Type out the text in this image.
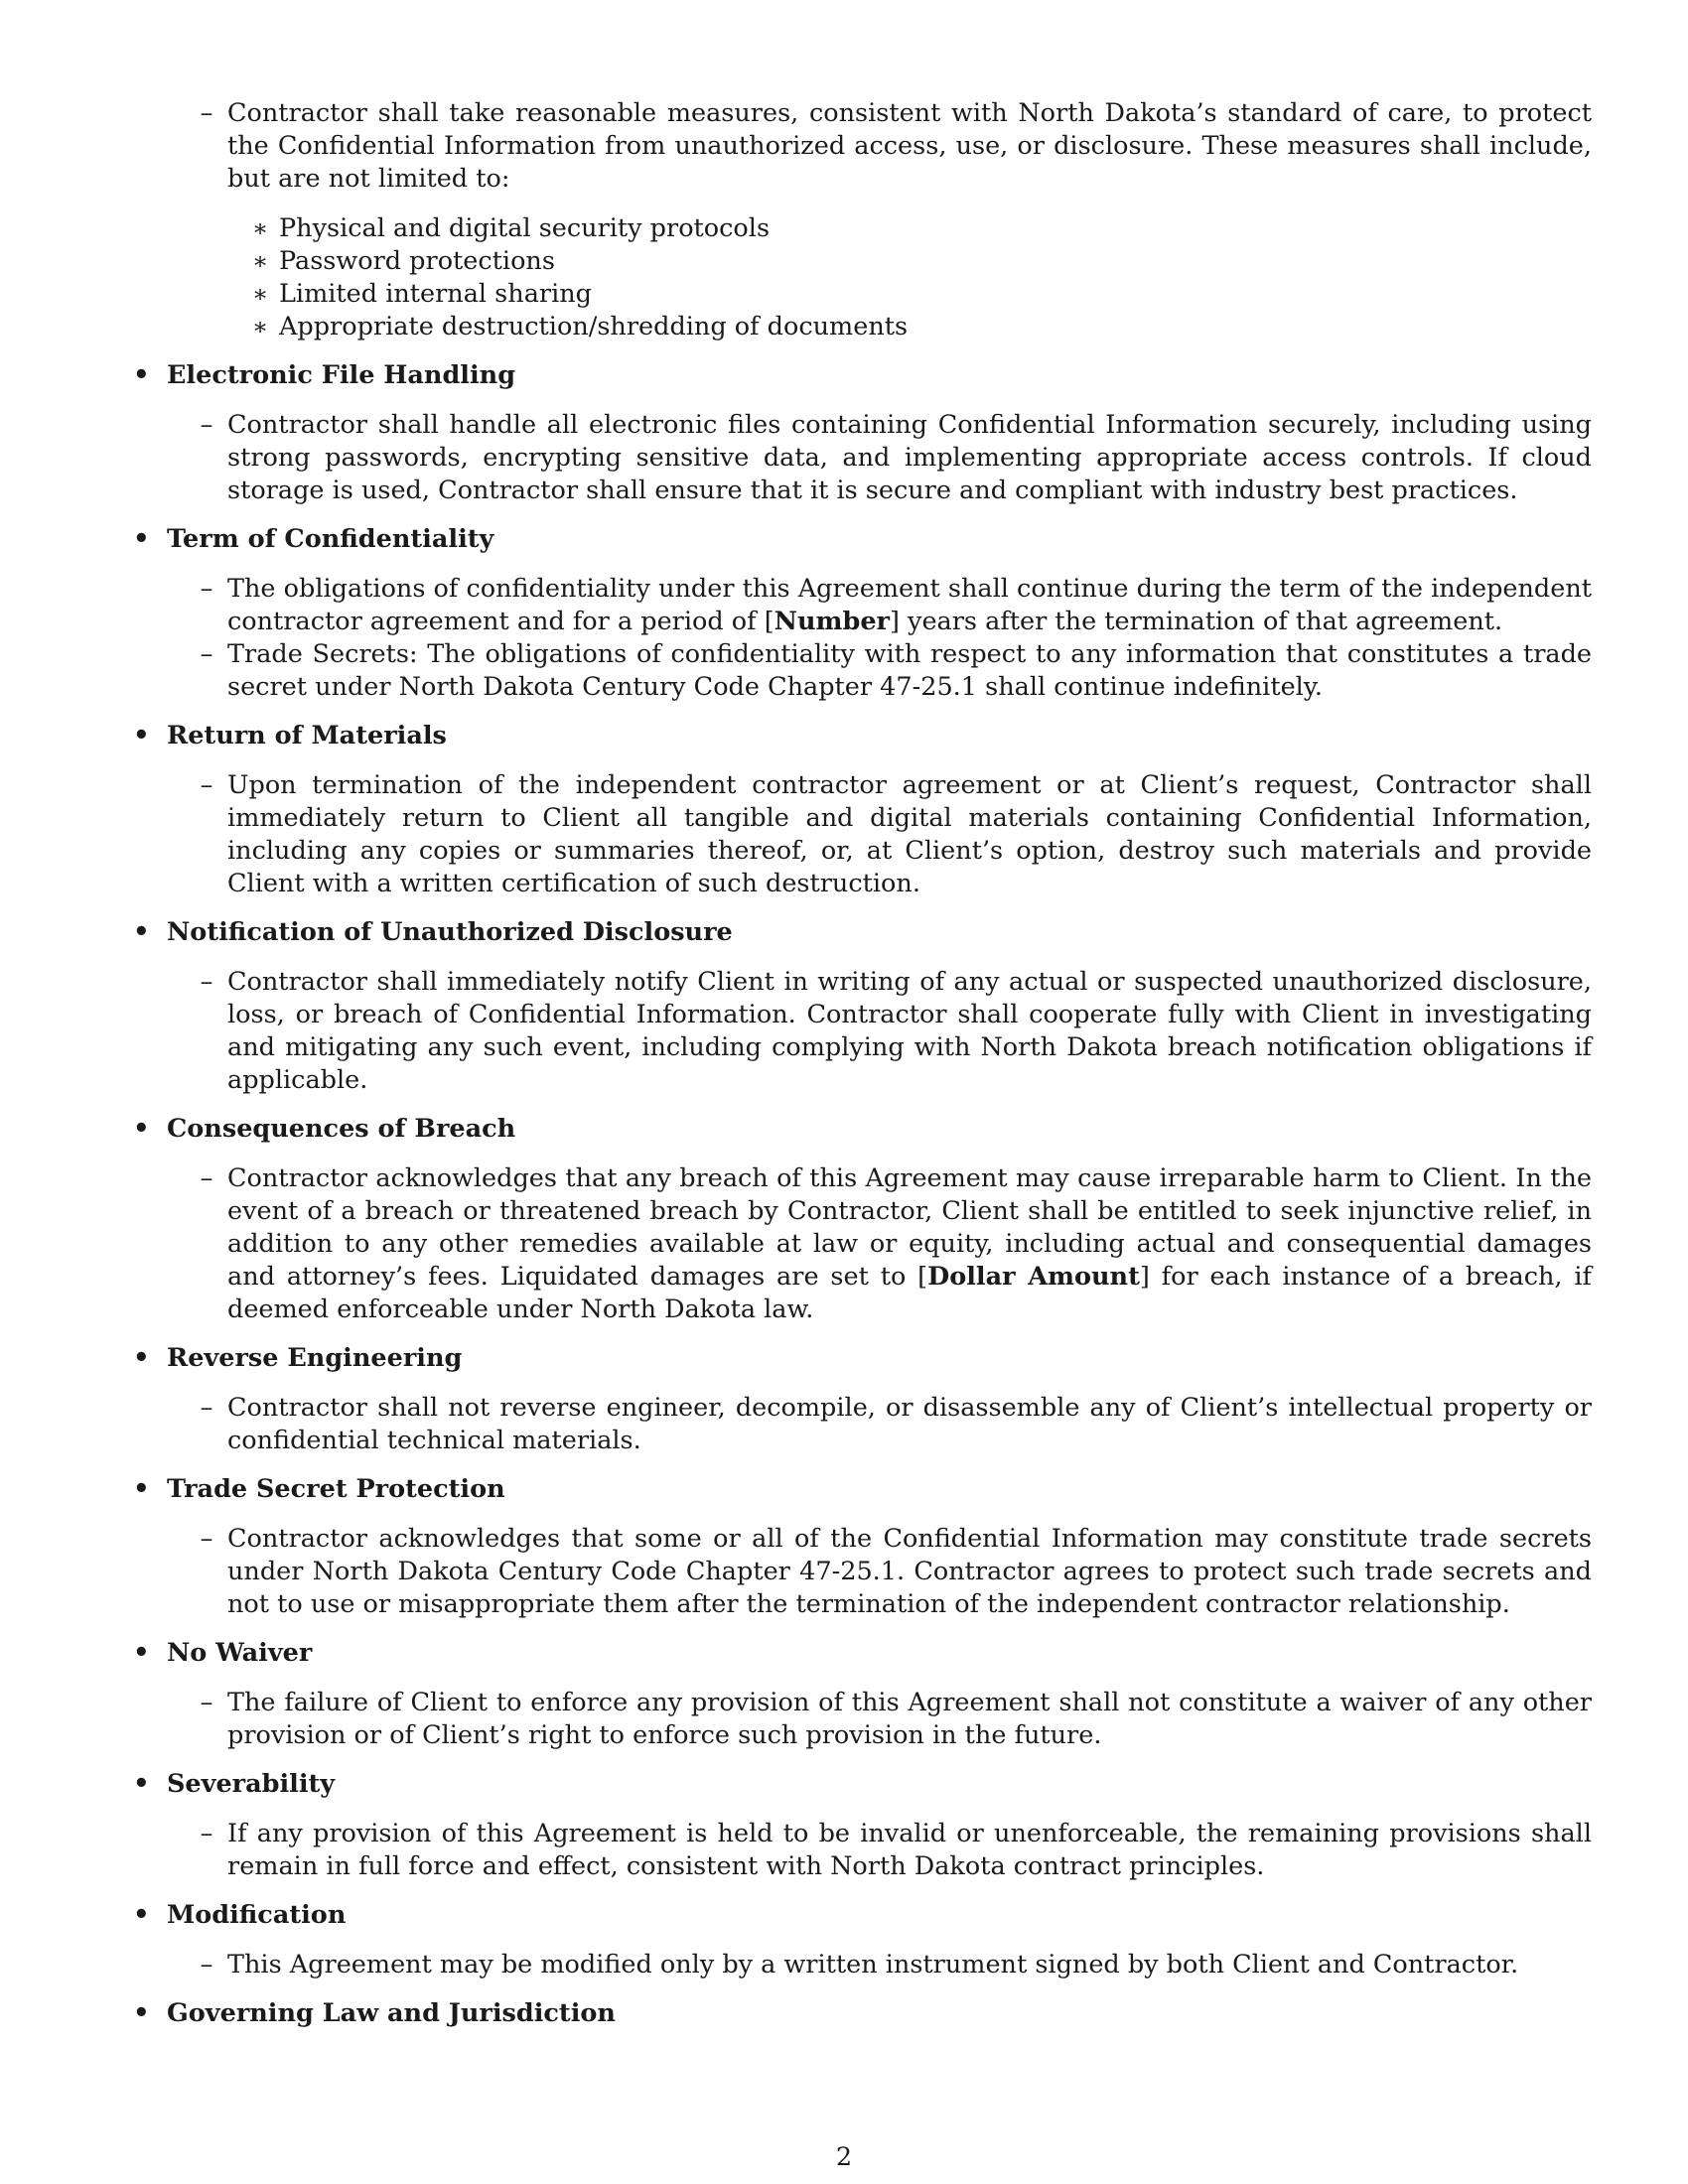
– Contractor shall take reasonable measures, consistent with North Dakota’s standard of care, to protect the Confidential Information from unauthorized access, use, or disclosure. These measures shall include, but are not limited to:
∗ Physical and digital security protocols
∗ Password protections
∗ Limited internal sharing
∗ Appropriate destruction/shredding of documents
• Electronic File Handling
– Contractor shall handle all electronic files containing Confidential Information securely, including using strong passwords, encrypting sensitive data, and implementing appropriate access controls. If cloud storage is used, Contractor shall ensure that it is secure and compliant with industry best practices.
• Term of Confidentiality
– The obligations of confidentiality under this Agreement shall continue during the term of the independent contractor agreement and for a period of [Number] years after the termination of that agreement.
– Trade Secrets: The obligations of confidentiality with respect to any information that constitutes a trade secret under North Dakota Century Code Chapter 47-25.1 shall continue indefinitely.
• Return of Materials
– Upon termination of the independent contractor agreement or at Client’s request, Contractor shall immediately return to Client all tangible and digital materials containing Confidential Information, including any copies or summaries thereof, or, at Client’s option, destroy such materials and provide Client with a written certification of such destruction.
• Notification of Unauthorized Disclosure
– Contractor shall immediately notify Client in writing of any actual or suspected unauthorized disclosure, loss, or breach of Confidential Information. Contractor shall cooperate fully with Client in investigating and mitigating any such event, including complying with North Dakota breach notification obligations if applicable.
• Consequences of Breach
– Contractor acknowledges that any breach of this Agreement may cause irreparable harm to Client. In the event of a breach or threatened breach by Contractor, Client shall be entitled to seek injunctive relief, in addition to any other remedies available at law or equity, including actual and consequential damages and attorney’s fees. Liquidated damages are set to [Dollar Amount] for each instance of a breach, if deemed enforceable under North Dakota law.
• Reverse Engineering
– Contractor shall not reverse engineer, decompile, or disassemble any of Client’s intellectual property or confidential technical materials.
• Trade Secret Protection
– Contractor acknowledges that some or all of the Confidential Information may constitute trade secrets under North Dakota Century Code Chapter 47-25.1. Contractor agrees to protect such trade secrets and not to use or misappropriate them after the termination of the independent contractor relationship.
• No Waiver
– The failure of Client to enforce any provision of this Agreement shall not constitute a waiver of any other provision or of Client’s right to enforce such provision in the future.
• Severability
– If any provision of this Agreement is held to be invalid or unenforceable, the remaining provisions shall remain in full force and effect, consistent with North Dakota contract principles.
• Modification
– This Agreement may be modified only by a written instrument signed by both Client and Contractor.
• Governing Law and Jurisdiction
2
